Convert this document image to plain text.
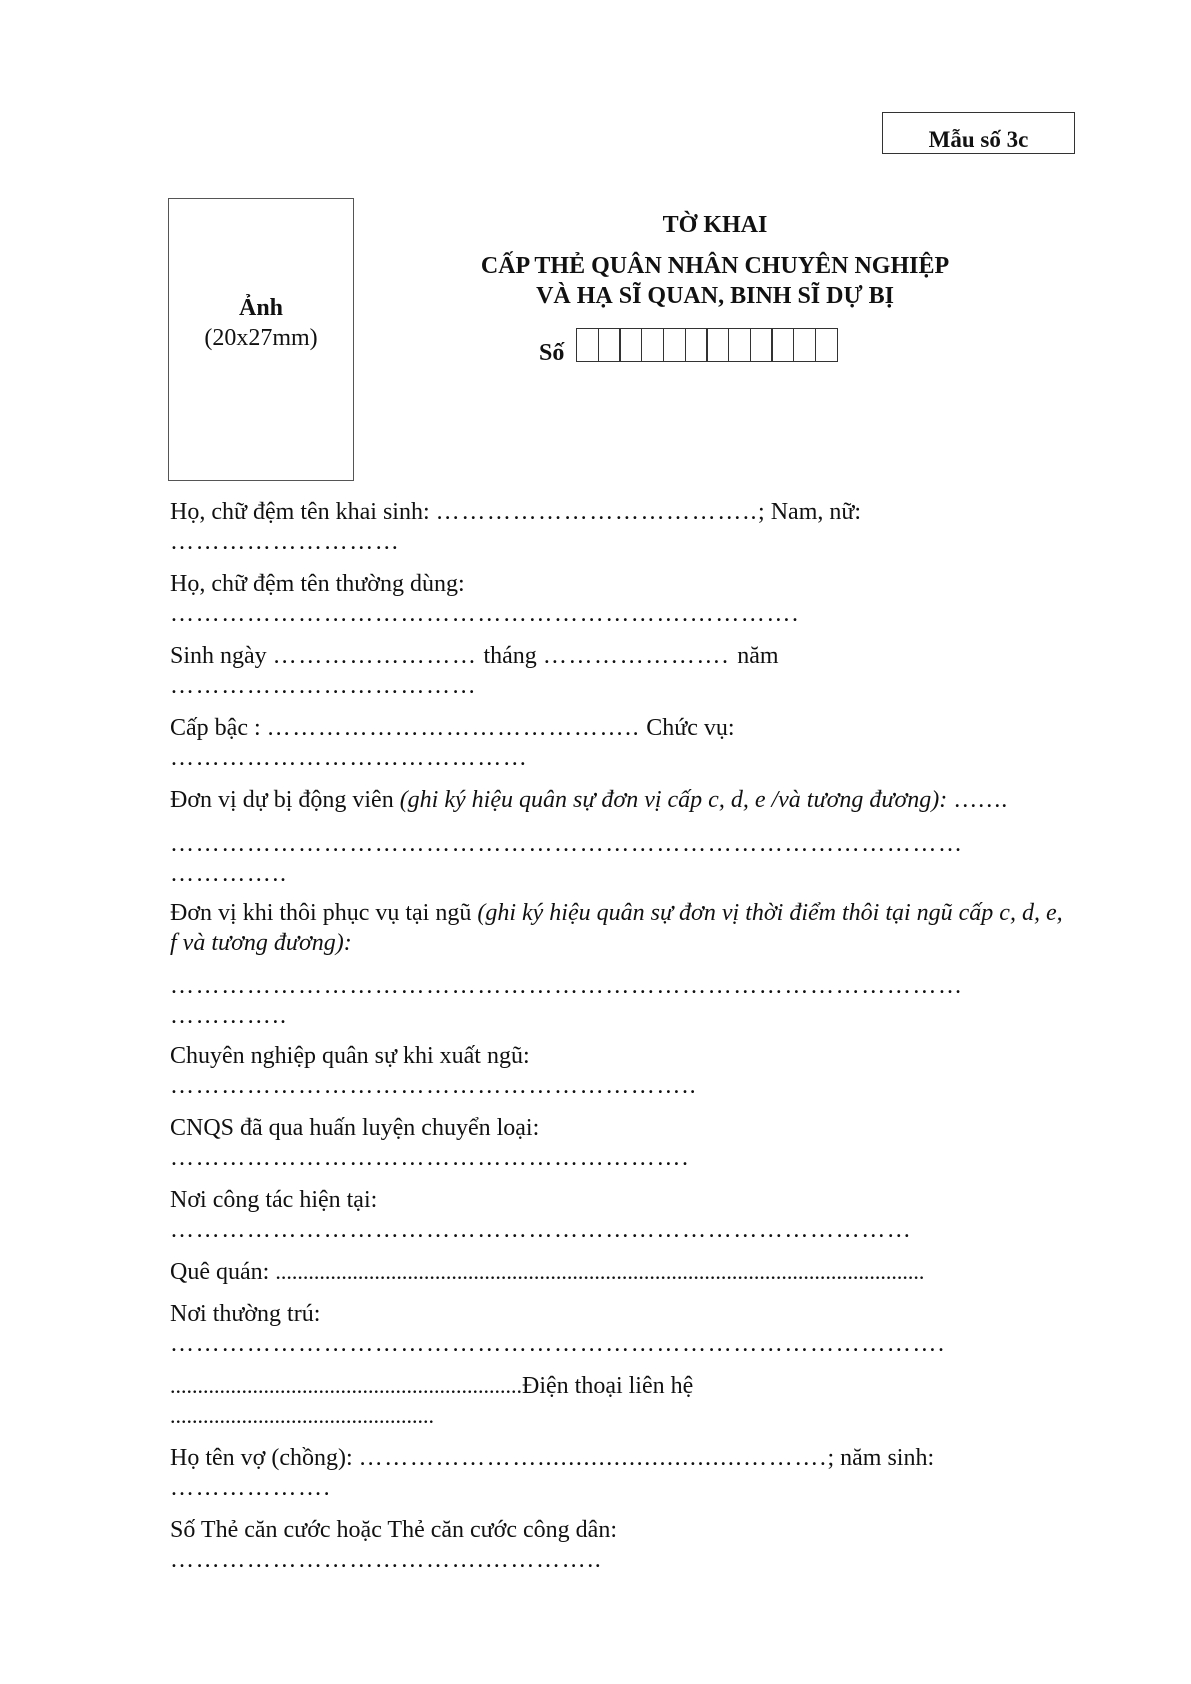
Mẫu số 3c
Ảnh
(20x27mm)
TỜ KHAI
CẤP THẺ QUÂN NHÂN CHUYÊN NGHIỆP
VÀ HẠ SĨ QUAN, BINH SĨ DỰ BỊ
Số
Họ, chữ đệm tên khai sinh: ………………………………..; Nam, nữ:
………………………
Họ, chữ đệm tên thường dùng:
…………………………………………………….………….
Sinh ngày …………………… tháng …………………. năm
………………………………
Cấp bậc : …………………………………….. Chức vụ:
……………………………………
Đơn vị dự bị động viên (ghi ký hiệu quân sự đơn vị cấp c, d, e /và tương đương): …….
…………………………………………………………………………………
…………..
Đơn vị khi thôi phục vụ tại ngũ (ghi ký hiệu quân sự đơn vị thời điểm thôi tại ngũ cấp c, d, e, f và tương đương):
…………………………………………………………………………………
…………..
Chuyên nghiệp quân sự khi xuất ngũ:
……………………………………………………..
CNQS đã qua huấn luyện chuyển loại:
…………………………………………………….
Nơi công tác hiện tại:
……………………………………………………………………………
Quê quán: ......................................................................................................................
Nơi thường trú:
……………………………………………………………………………….
................................................................Điện thoại liên hệ
................................................
Họ tên vợ (chồng): …………………...........................……….; năm sinh:
……………….
Số Thẻ căn cước hoặc Thẻ căn cước công dân:
……………………………….…………..
